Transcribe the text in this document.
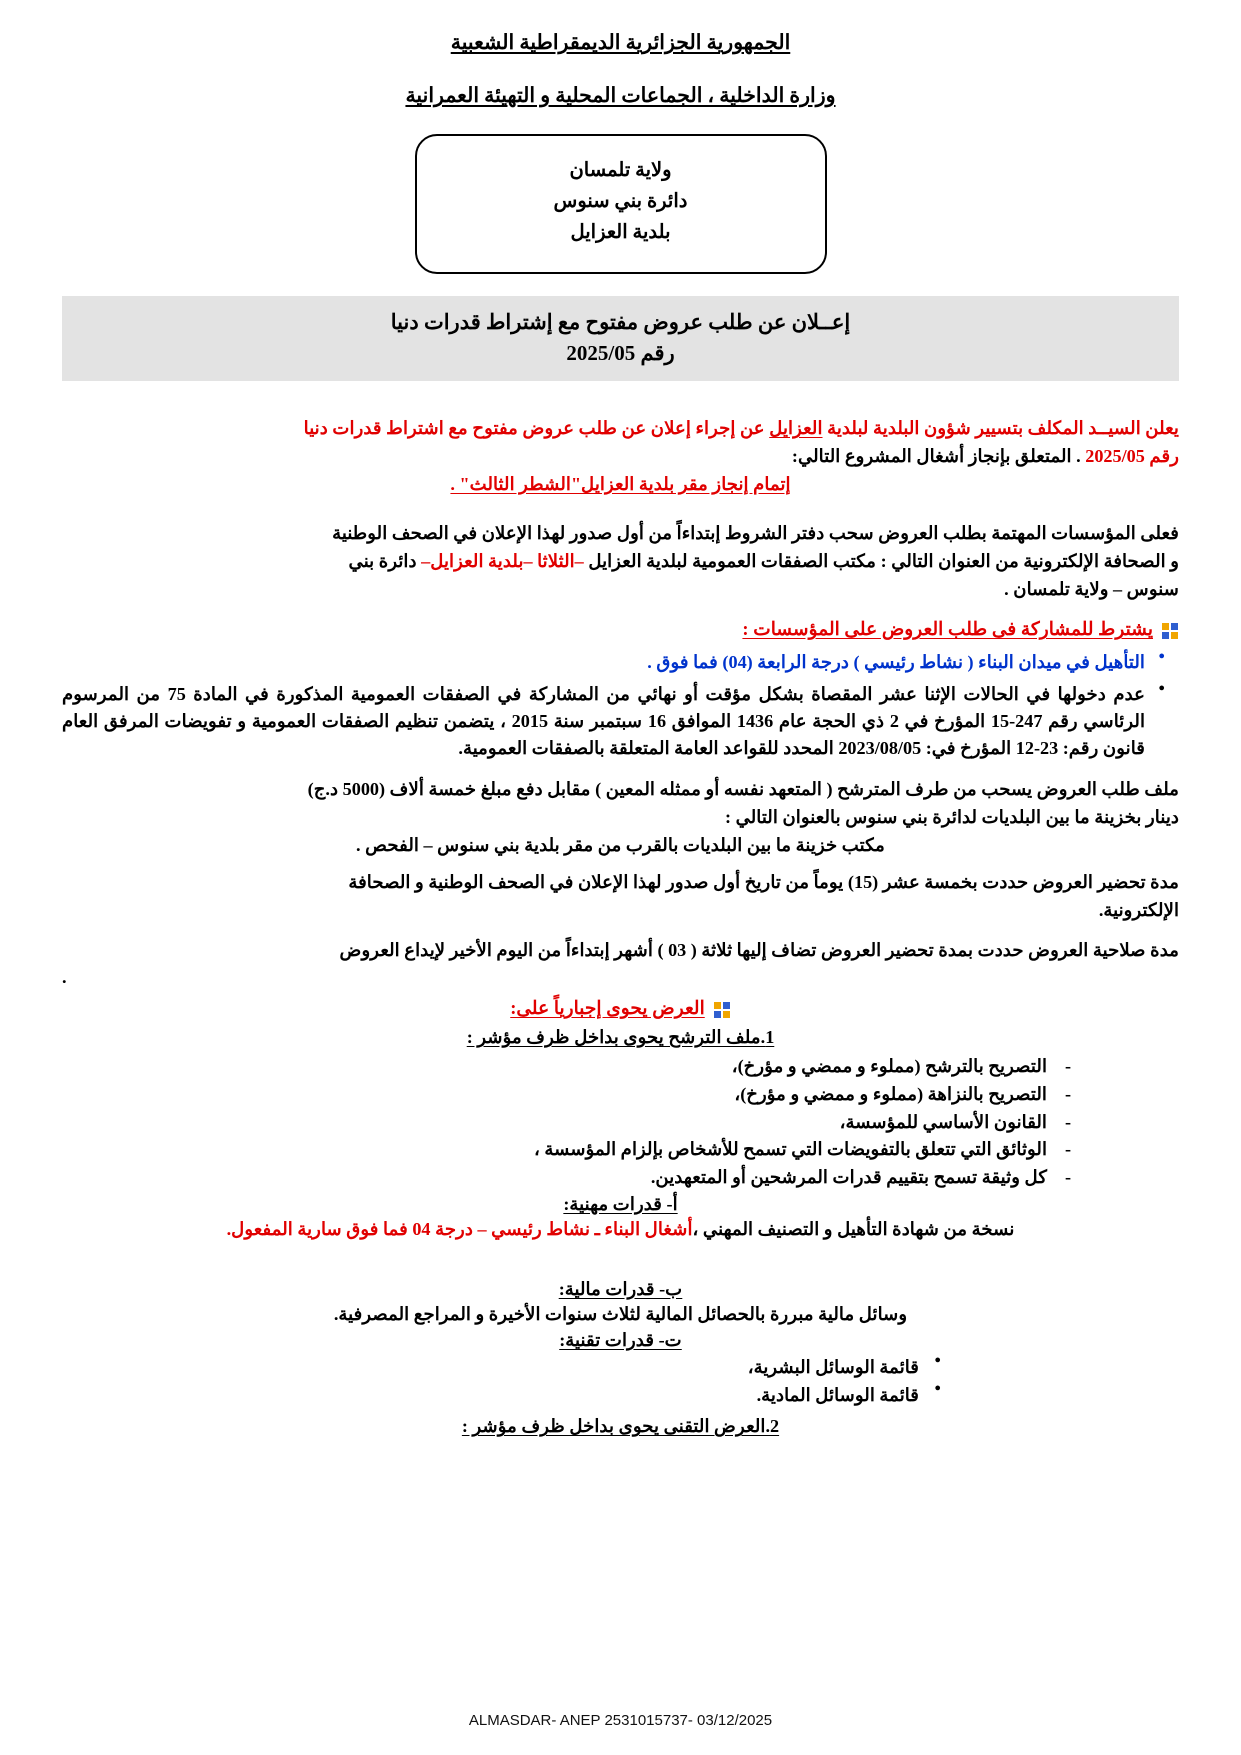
الجمهورية الجزائرية الديمقراطية الشعبية
وزارة الداخلية ، الجماعات المحلية و التهيئة العمرانية
ولاية تلمسان
دائرة بني سنوس
بلدية العزايل
إعــلان عن طلب عروض مفتوح مع إشتراط قدرات دنيا
رقم 2025/05
يعلن السيــد المكلف بتسيير شؤون البلدية لبلدية العزايل عن إجراء إعلان عن طلب عروض مفتوح مع اشتراط قدرات دنيا
رقم 2025/05 . المتعلق بإنجاز أشغال المشروع التالي:
إتمام إنجاز مقر بلدية العزايل"الشطر الثالث" .
فعلى المؤسسات المهتمة بطلب العروض سحب دفتر الشروط إبتداءاً من أول صدور لهذا الإعلان في الصحف الوطنية
و الصحافة الإلكترونية من العنوان التالي : مكتب الصفقات العمومية لبلدية العزايل –الثلاثا –بلدية العزايل– دائرة بني
سنوس – ولاية تلمسان .
يشترط للمشاركة فى طلب العروض على المؤسسات :
● التأهيل في ميدان البناء ( نشاط رئيسي ) درجة الرابعة (04) فما فوق .
● عدم دخولها في الحالات الإثنا عشر المقصاة بشكل مؤقت أو نهائي من المشاركة في الصفقات العمومية المذكورة في المادة 75 من المرسوم الرئاسي رقم 247-15 المؤرخ في 2 ذي الحجة عام 1436 الموافق 16 سبتمبر سنة 2015 ، يتضمن تنظيم الصفقات العمومية و تفويضات المرفق العام قانون رقم: 23-12 المؤرخ في: 2023/08/05 المحدد للقواعد العامة المتعلقة بالصفقات العمومية.
ملف طلب العروض يسحب من طرف المترشح ( المتعهد نفسه أو ممثله المعين ) مقابل دفع مبلغ خمسة ألاف (5000 د.ج)
دينار بخزينة ما بين البلديات لدائرة بني سنوس بالعنوان التالي :
مكتب خزينة ما بين البلديات بالقرب من مقر بلدية بني سنوس – الفحص .
مدة تحضير العروض حددت بخمسة عشر (15) يوماً من تاريخ أول صدور لهذا الإعلان في الصحف الوطنية و الصحافة
الإلكترونية.
مدة صلاحية العروض حددت بمدة تحضير العروض تضاف إليها ثلاثة ( 03 ) أشهر إبتداءاً من اليوم الأخير لإيداع العروض
.
العرض يحوى إجبارياً على:
1.ملف الترشح يحوى بداخل ظرف مؤشر :
- التصريح بالترشح (مملوء و ممضي و مؤرخ)،
- التصريح بالنزاهة (مملوء و ممضي و مؤرخ)،
- القانون الأساسي للمؤسسة،
- الوثائق التي تتعلق بالتفويضات التي تسمح للأشخاص بإلزام المؤسسة ،
- كل وثيقة تسمح بتقييم قدرات المرشحين أو المتعهدين.
أ- قدرات مهنية:
نسخة من شهادة التأهيل و التصنيف المهني ،أشغال البناء ـ نشاط رئيسي – درجة 04 فما فوق سارية المفعول.
ب- قدرات مالية:
وسائل مالية مبررة بالحصائل المالية لثلاث سنوات الأخيرة و المراجع المصرفية.
ت- قدرات تقنية:
● قائمة الوسائل البشرية،
● قائمة الوسائل المادية.
2.العرض التقنى يحوى بداخل ظرف مؤشر :
ALMASDAR- ANEP 2531015737- 03/12/2025
